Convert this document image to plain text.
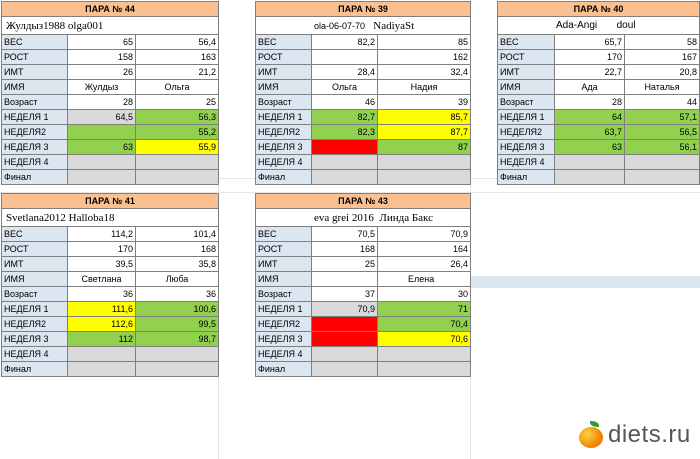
ПАРА № 44		
Жулдыз1988 olga001		
ВЕС	65	56,4
РОСТ	158	163
ИМТ	26	21,2
ИМЯ	Жулдыз	Ольга
Возраст	28	25
НЕДЕЛЯ 1	64,5	56,3
НЕДЕЛЯ2		55,2
НЕДЕЛЯ 3	63	55,9
НЕДЕЛЯ 4		
Финал		
ПАРА № 39		
ola-06-07-70 NadiyaSt		
ВЕС	82,2	85
РОСТ		162
ИМТ	28,4	32,4
ИМЯ	Ольга	Надия
Возраст	46	39
НЕДЕЛЯ 1	82,7	85,7
НЕДЕЛЯ2	82,3	87,7
НЕДЕЛЯ 3		87
НЕДЕЛЯ 4		
Финал		
ПАРА № 40		
Ada-Angi doul		
ВЕС	65,7	58
РОСТ	170	167
ИМТ	22,7	20,8
ИМЯ	Ада	Наталья
Возраст	28	44
НЕДЕЛЯ 1	64	57,1
НЕДЕЛЯ2	63,7	56,5
НЕДЕЛЯ 3	63	56,1
НЕДЕЛЯ 4		
Финал		
ПАРА № 41		
Svetlana2012 Halloba18		
ВЕС	114,2	101,4
РОСТ	170	168
ИМТ	39,5	35,8
ИМЯ	Светлана	Люба
Возраст	36	36
НЕДЕЛЯ 1	111,6	100,6
НЕДЕЛЯ2	112,6	99,5
НЕДЕЛЯ 3	112	98,7
НЕДЕЛЯ 4		
Финал		
ПАРА № 43		
eva grei 2016 Линда Бакс		
ВЕС	70,5	70,9
РОСТ	168	164
ИМТ	25	26,4
ИМЯ		Елена
Возраст	37	30
НЕДЕЛЯ 1	70,9	71
НЕДЕЛЯ2		70,4
НЕДЕЛЯ 3		70,6
НЕДЕЛЯ 4		
Финал		
diets.ru
